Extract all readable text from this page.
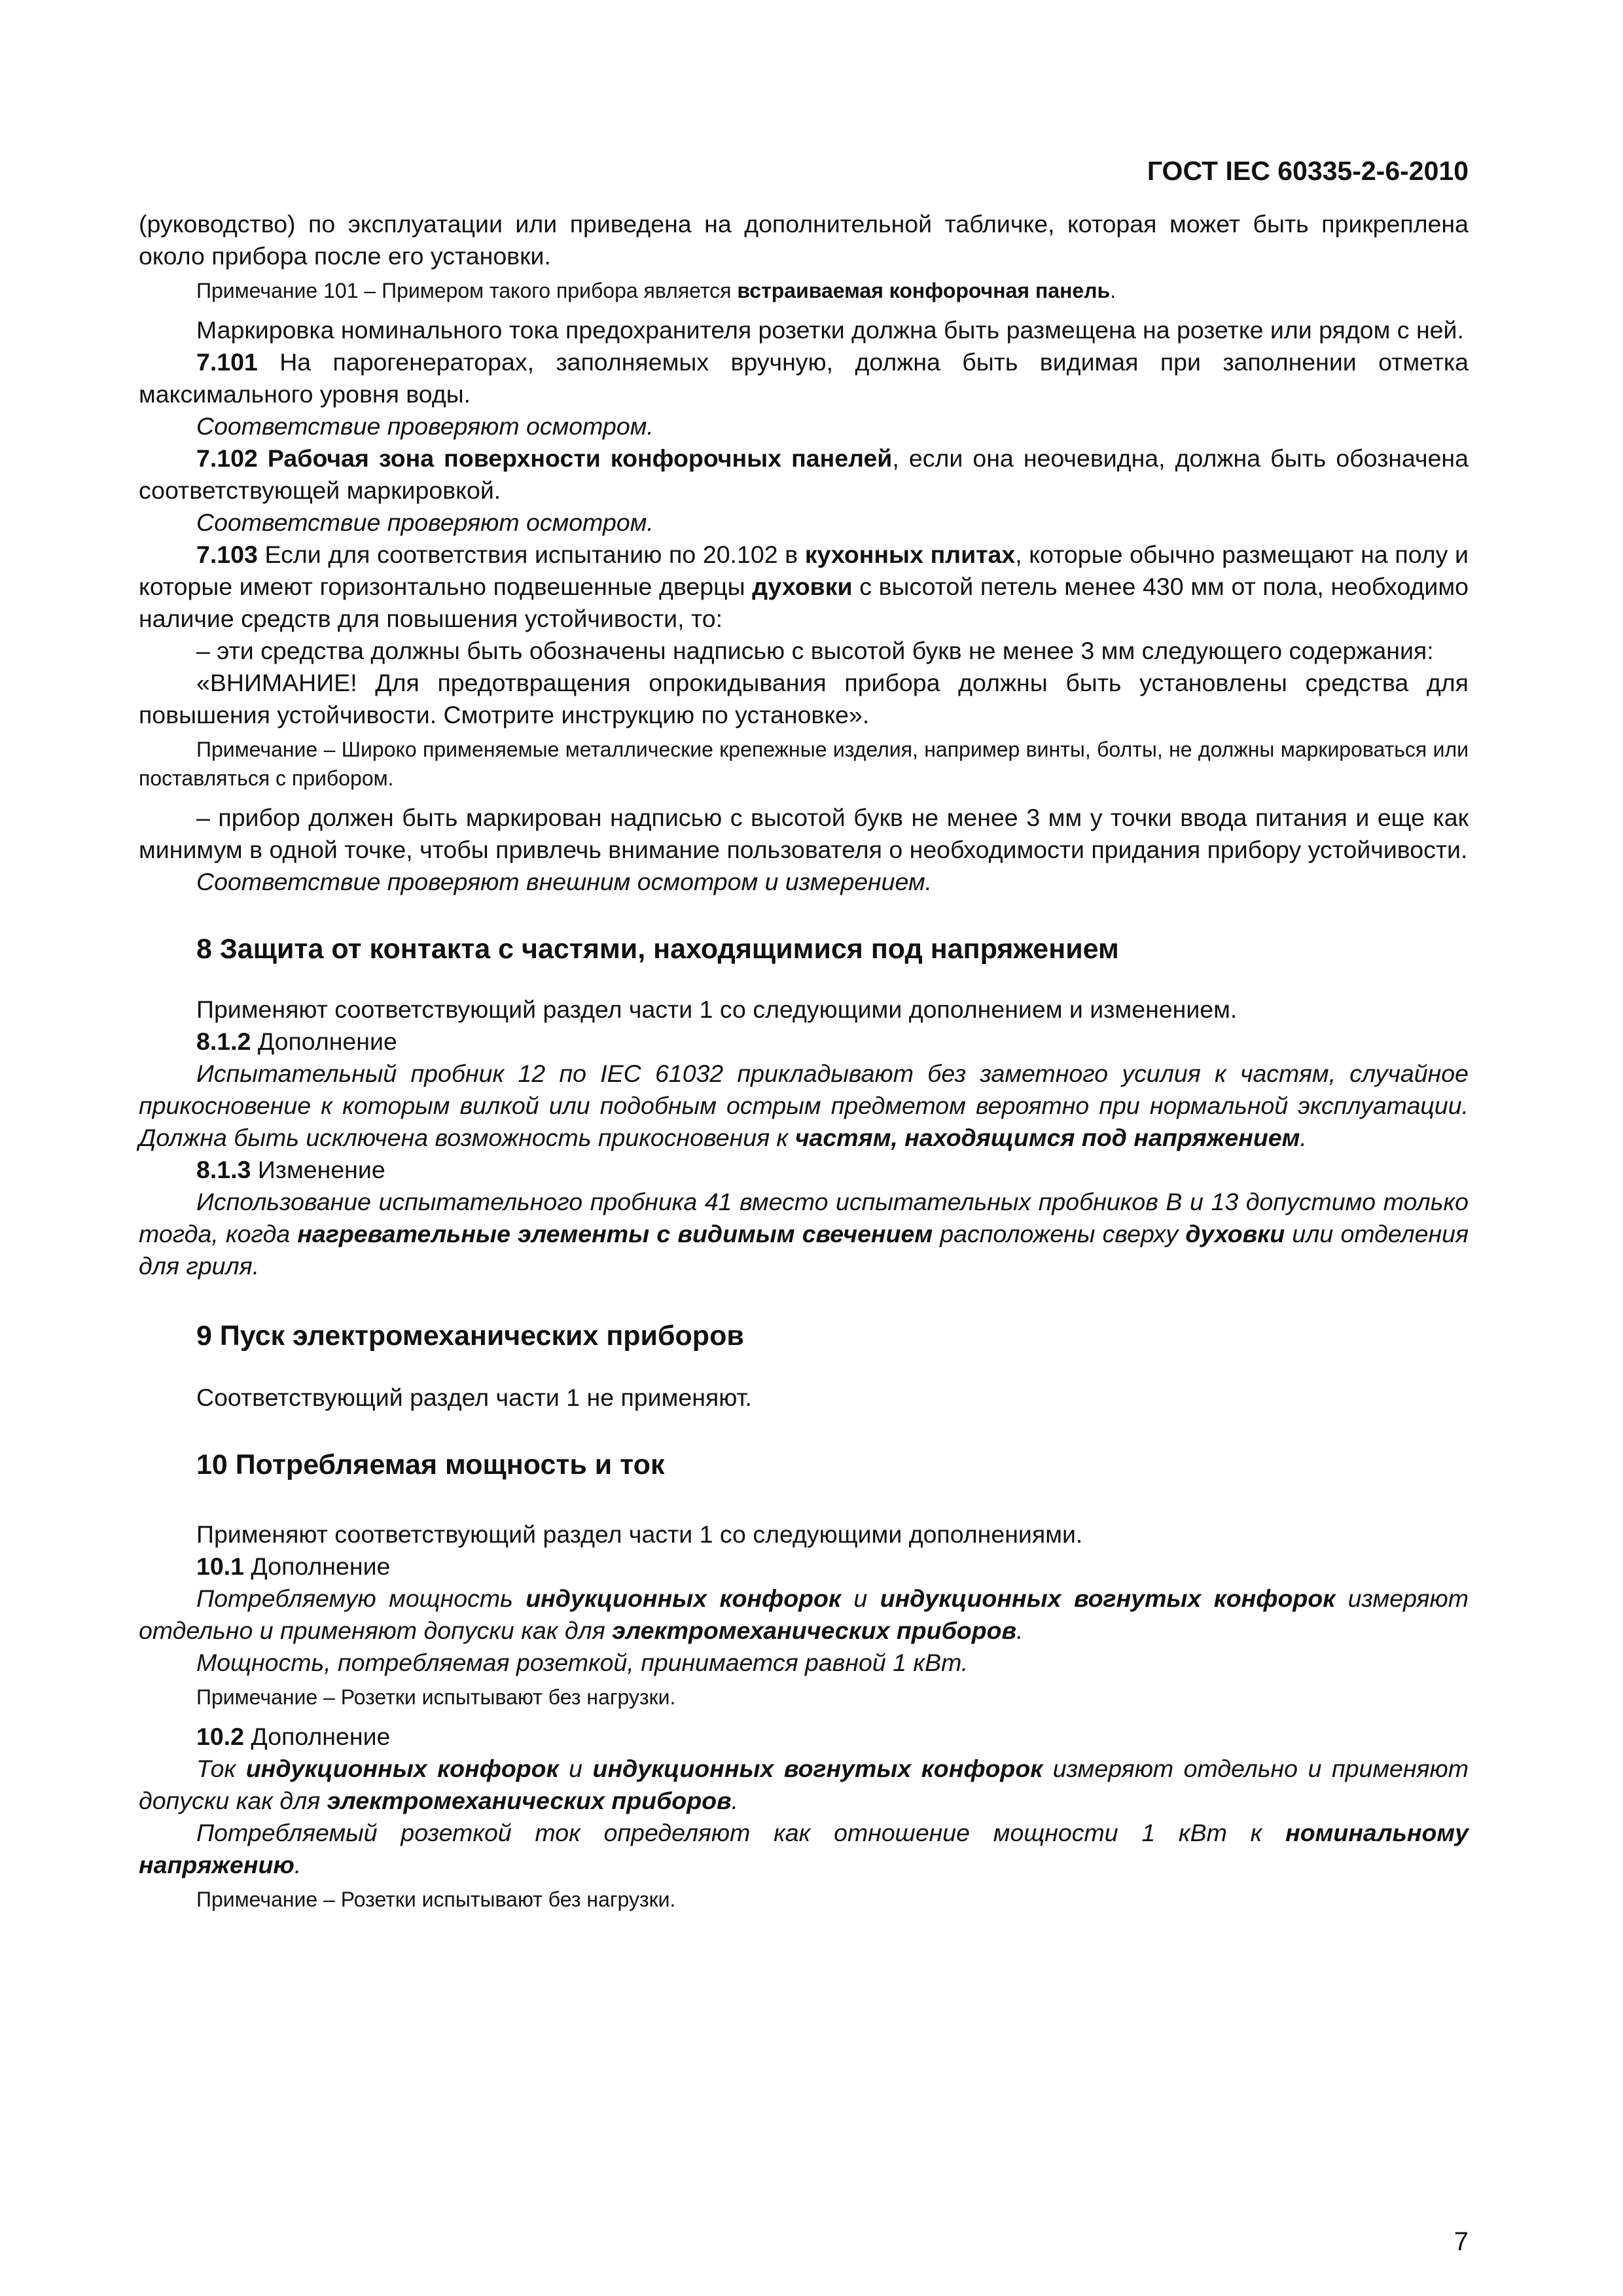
ГОСТ IEC 60335-2-6-2010

(руководство) по эксплуатации или приведена на дополнительной табличке, которая может быть прикреплена около прибора после его установки.

Примечание 101 – Примером такого прибора является встраиваемая конфорочная панель.

Маркировка номинального тока предохранителя розетки должна быть размещена на розетке или рядом с ней.

7.101 На парогенераторах, заполняемых вручную, должна быть видимая при заполнении отметка максимального уровня воды.

Соответствие проверяют осмотром.

7.102 Рабочая зона поверхности конфорочных панелей, если она неочевидна, должна быть обозначена соответствующей маркировкой.

Соответствие проверяют осмотром.

7.103 Если для соответствия испытанию по 20.102 в кухонных плитах, которые обычно размещают на полу и которые имеют горизонтально подвешенные дверцы духовки с высотой петель менее 430 мм от пола, необходимо наличие средств для повышения устойчивости, то:

– эти средства должны быть обозначены надписью с высотой букв не менее 3 мм следующего содержания:

«ВНИМАНИЕ! Для предотвращения опрокидывания прибора должны быть установлены средства для повышения устойчивости. Смотрите инструкцию по установке».

Примечание – Широко применяемые металлические крепежные изделия, например винты, болты, не должны маркироваться или поставляться с прибором.

– прибор должен быть маркирован надписью с высотой букв не менее 3 мм у точки ввода питания и еще как минимум в одной точке, чтобы привлечь внимание пользователя о необходимости придания прибору устойчивости.

Соответствие проверяют внешним осмотром и измерением.

8 Защита от контакта с частями, находящимися под напряжением

Применяют соответствующий раздел части 1 со следующими дополнением и изменением.

8.1.2 Дополнение

Испытательный пробник 12 по IEC 61032 прикладывают без заметного усилия к частям, случайное прикосновение к которым вилкой или подобным острым предметом вероятно при нормальной эксплуатации. Должна быть исключена возможность прикосновения к частям, находящимся под напряжением.

8.1.3 Изменение

Использование испытательного пробника 41 вместо испытательных пробников B и 13 допустимо только тогда, когда нагревательные элементы с видимым свечением расположены сверху духовки или отделения для гриля.

9 Пуск электромеханических приборов

Соответствующий раздел части 1 не применяют.

10 Потребляемая мощность и ток

Применяют соответствующий раздел части 1 со следующими дополнениями.

10.1 Дополнение

Потребляемую мощность индукционных конфорок и индукционных вогнутых конфорок измеряют отдельно и применяют допуски как для электромеханических приборов.

Мощность, потребляемая розеткой, принимается равной 1 кВт.

Примечание – Розетки испытывают без нагрузки.

10.2 Дополнение

Ток индукционных конфорок и индукционных вогнутых конфорок измеряют отдельно и применяют допуски как для электромеханических приборов.

Потребляемый розеткой ток определяют как отношение мощности 1 кВт к номинальному напряжению.

Примечание – Розетки испытывают без нагрузки.

7
